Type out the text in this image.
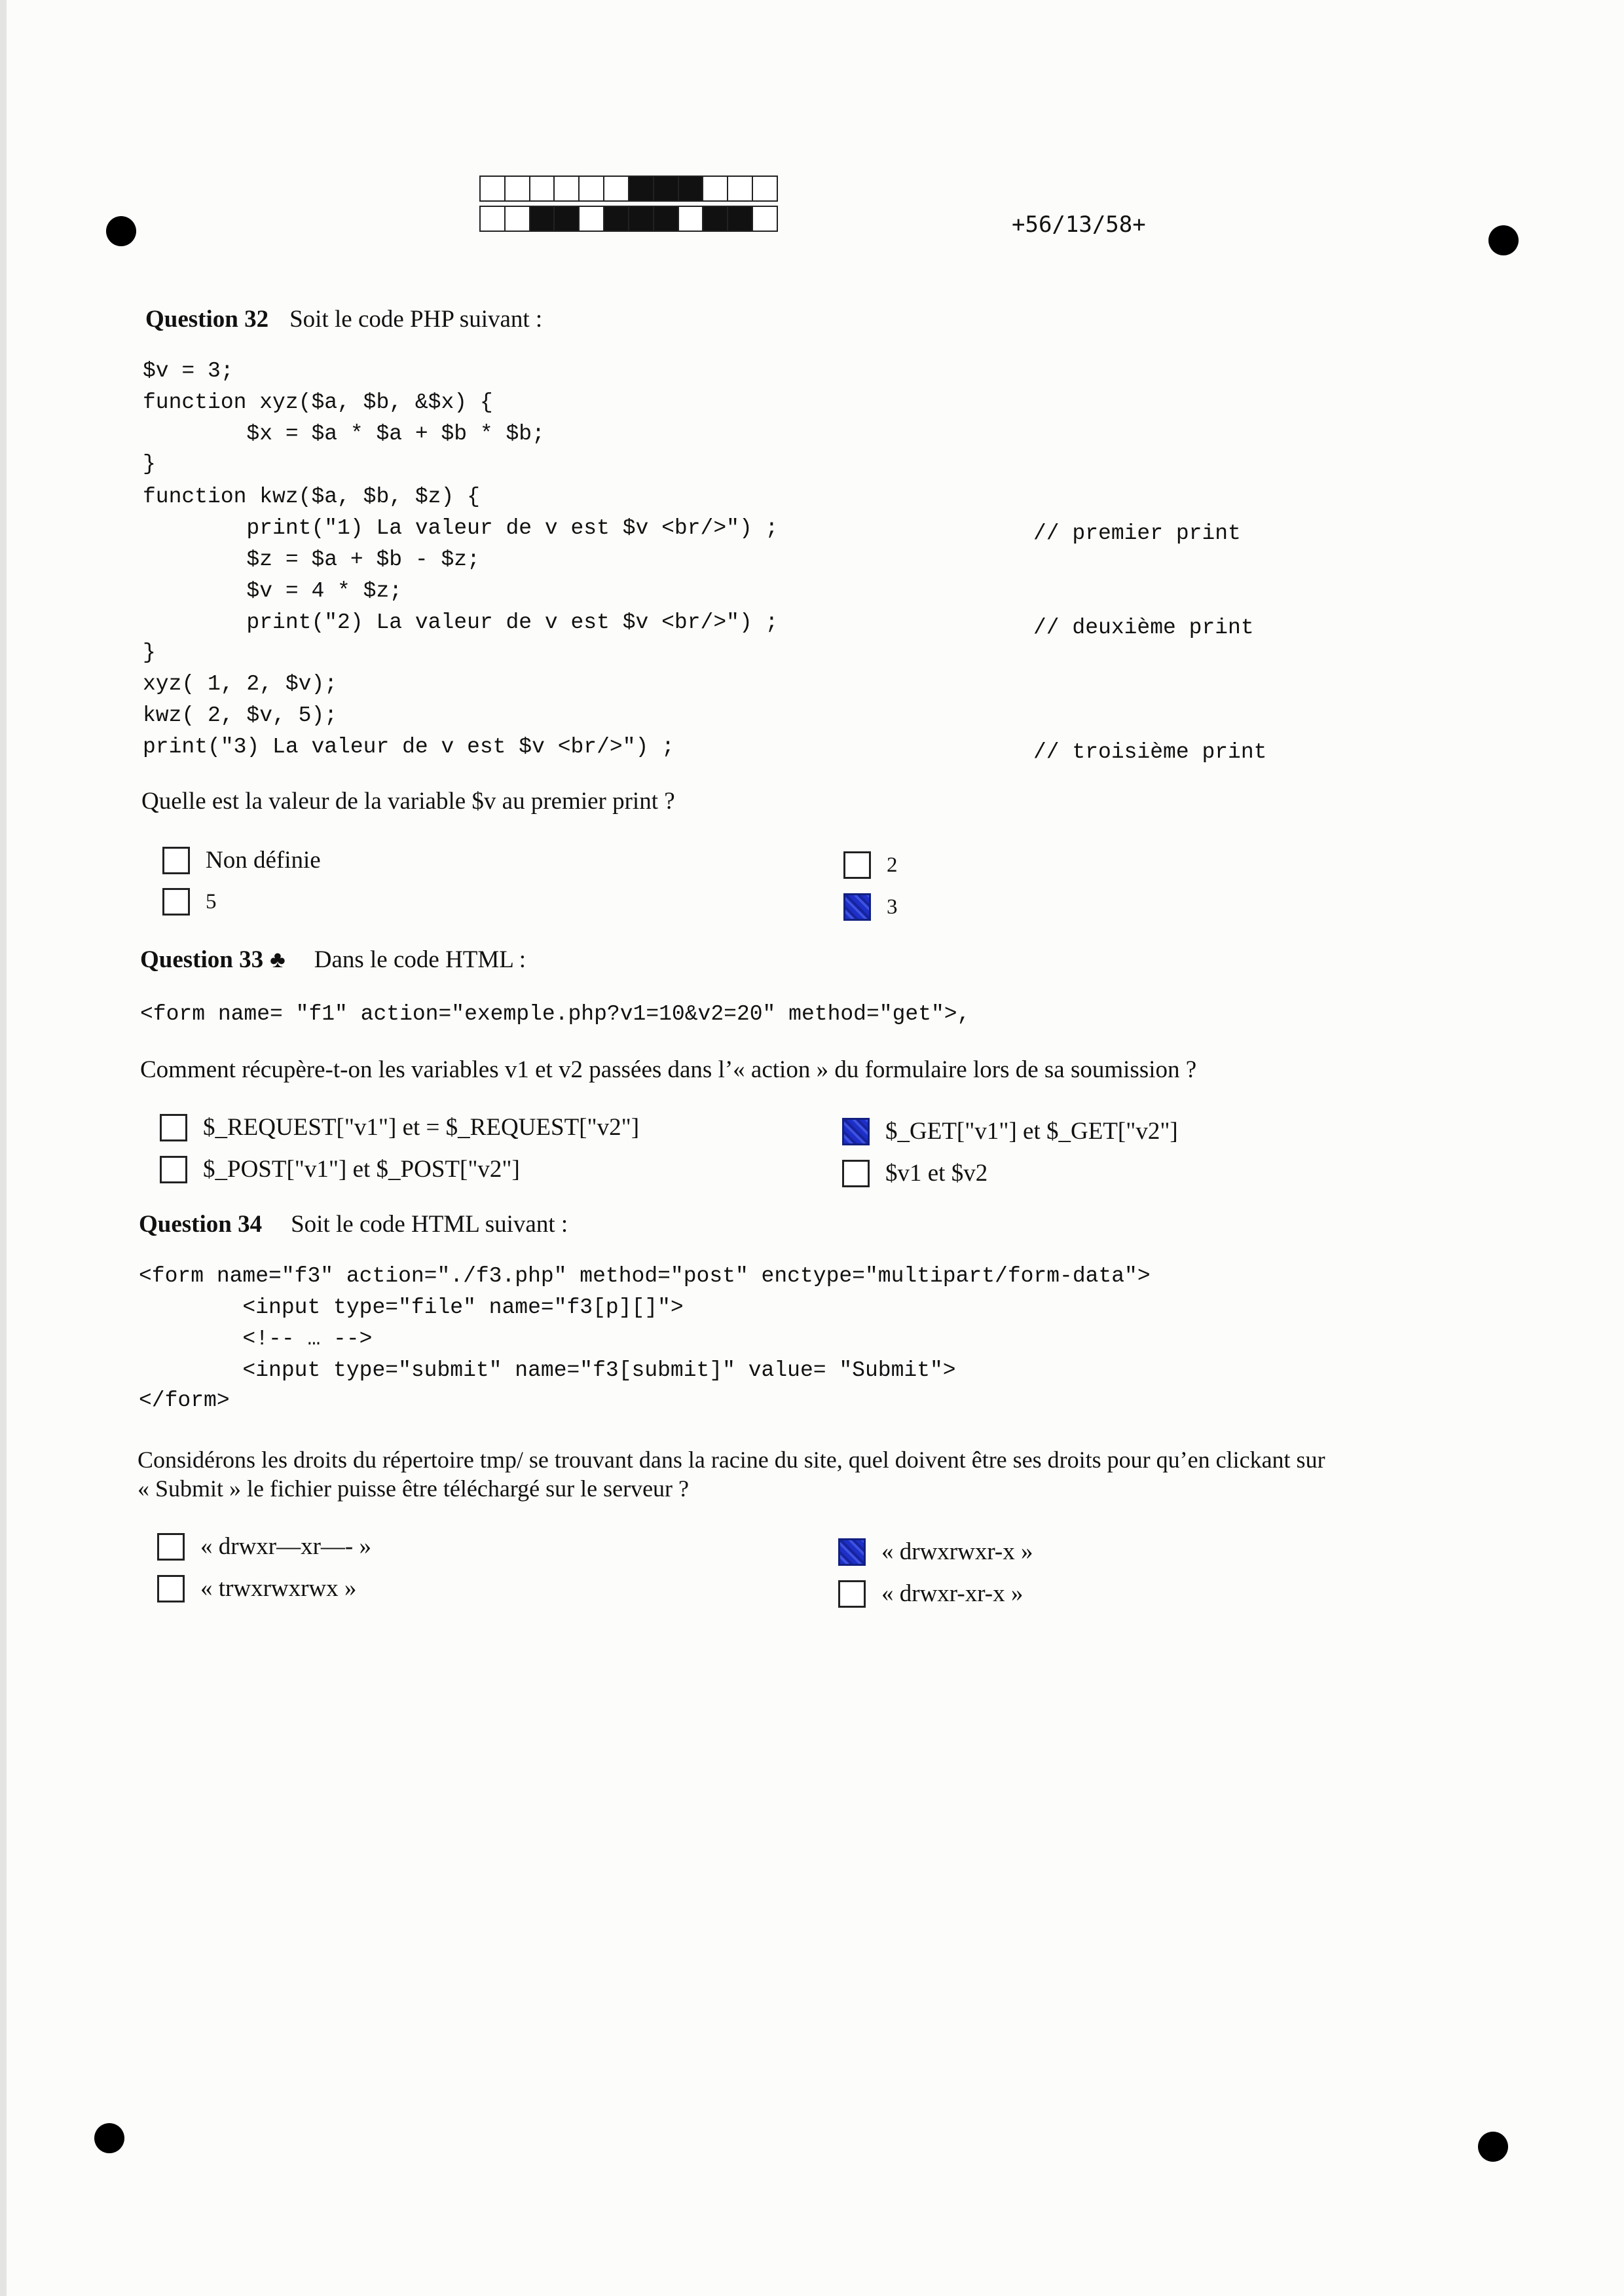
+56/13/58+
Question 32 Soit le code PHP suivant :
$v = 3;
function xyz($a, $b, &$x) {
$x = $a * $a + $b * $b;
}
function kwz($a, $b, $z) {
print("1) La valeur de v est $v <br/>") ;
$z = $a + $b - $z;
$v = 4 * $z;
print("2) La valeur de v est $v <br/>") ;
}
xyz( 1, 2, $v);
kwz( 2, $v, 5);
print("3) La valeur de v est $v <br/>") ;
// premier print
// deuxième print
// troisième print
Quelle est la valeur de la variable $v au premier print ?
Non définie
5
2
3
Question 33 ♣ Dans le code HTML :
<form name= "f1" action="exemple.php?v1=10&v2=20" method="get">,
Comment récupère-t-on les variables v1 et v2 passées dans l’« action » du formulaire lors de sa soumission ?
$_REQUEST["v1"] et = $_REQUEST["v2"]
$_POST["v1"] et $_POST["v2"]
$_GET["v1"] et $_GET["v2"]
$v1 et $v2
Question 34 Soit le code HTML suivant :
<form name="f3" action="./f3.php" method="post" enctype="multipart/form-data">
<input type="file" name="f3[p][]">
<!-- … -->
<input type="submit" name="f3[submit]" value= "Submit">
</form>
Considérons les droits du répertoire tmp/ se trouvant dans la racine du site, quel doivent être ses droits pour qu’en clickant sur
« Submit » le fichier puisse être téléchargé sur le serveur ?
« drwxr—xr—- »
« trwxrwxrwx »
« drwxrwxr-x »
« drwxr-xr-x »
